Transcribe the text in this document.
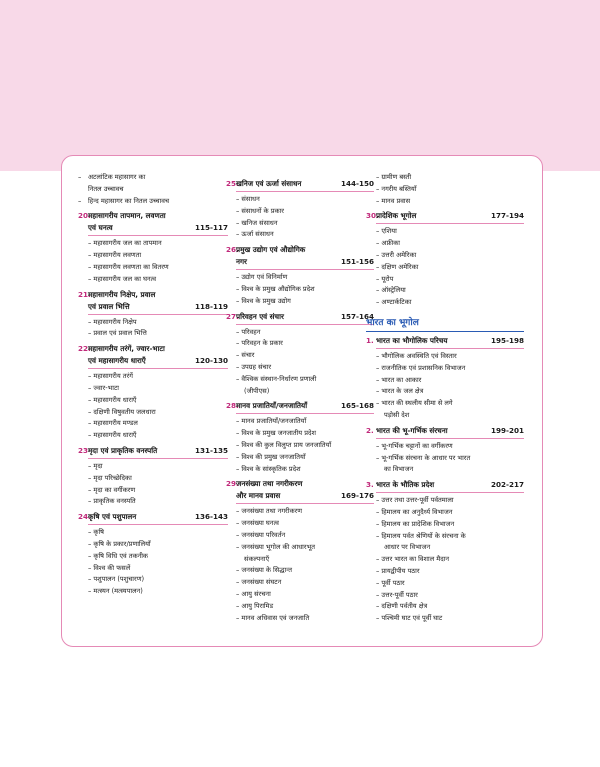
– अटलांटिक महासागर का
नितल उच्चावच
– हिन्द महासागर का नितल उच्चावच
20.महासागरीय तापमान, लवणता
एवं घनत्व	115-117
– महासागरीय जल का तापमान
– महासागरीय लवणता
– महासागरीय लवणता का वितरण
– महासागरीय जल का घनत्व
21.महासागरीय निक्षेप, प्रवाल
एवं प्रवाल भित्ति	118-119
– महासागरीय निक्षेप
– प्रवाल एवं प्रवाल भित्ति
22.महासागरीय तरंगें, ज्वार-भाटा
एवं महासागरीय धाराएँ	120-130
– महासागरीय तरंगें
– ज्वार-भाटा
– महासागरीय धाराएँ
– दक्षिणी विषुवतीय जलधारा
– महासागरीय मण्डल
– महासागरीय धाराएँ
23मृदा एवं प्राकृतिक वनस्पति	131-135
– मृदा
– मृदा परिच्छेदिका
– मृदा का वर्गीकरण
– प्राकृतिक वनस्पति
24.कृषि एवं पशुपालन	136-143
– कृषि
– कृषि के प्रकार/प्रणालियाँ
– कृषि विधि एवं तकनीक
– विश्व की फसलें
– पशुपालन (पशुचारण)
– मत्स्यन (मत्स्यपालन)
25.खनिज एवं ऊर्जा संसाधन	144-150
– संसाधन
– संसाधनों के प्रकार
– खनिज संसाधन
– ऊर्जा संसाधन
26.प्रमुख उद्योग एवं औद्योगिक
नगर	151-156
– उद्योग एवं विनिर्माण
– विश्व के प्रमुख औद्योगिक प्रदेश
– विश्व के प्रमुख उद्योग
27.परिवहन एवं संचार	157-164
– परिवहन
– परिवहन के प्रकार
– संचार
– उपग्रह संचार
– वैश्विक संस्थान-निर्धारण प्रणाली
(जीपीएस)
28.मानव प्रजातियाँ/जनजातियाँ	165-168
– मानव प्रजातियाँ/जनजातियाँ
– विश्व के प्रमुख जनजातीय प्रदेश
– विश्व की कुल विलुप्त प्राय जनजातियाँ
– विश्व की प्रमुख जनजातियाँ
– विश्व के सांस्कृतिक प्रदेश
29.जनसंख्या तथा नगरीकरण
और मानव प्रवास	169-176
– जनसंख्या तथा नगरीकरण
– जनसंख्या घनत्व
– जनसंख्या परिवर्तन
– जनसंख्या भूगोल की आधारभूत
संकल्पनाएँ
– जनसंख्या के सिद्धान्त
– जनसंख्या संघटन
– आयु संरचना
– आयु पिरामिड
– मानव अधिवास एवं जनजाति
– ग्रामीण बस्ती
– नगरीय बस्तियाँ
– मानव प्रवास
30.प्रादेशिक भूगोल	177-194
– एशिया
– अफ्रीका
– उत्तरी अमेरिका
– दक्षिण अमेरिका
– यूरोप
– ऑस्ट्रेलिया
– अण्टार्कटिका
भारत का भूगोल
1. भारत का भौगोलिक परिचय	195-198
– भौगोलिक अवस्थिति एवं विस्तार
– राजनीतिक एवं प्रशासनिक विभाजन
– भारत का आकार
– भारत के जल क्षेत्र
– भारत की स्थलीय सीमा से लगे
पड़ोसी देश
2. भारत की भू-गर्भिक संरचना	199-201
– भू-गर्भिक चट्टानों का वर्गीकरण
– भू-गर्भिक संरचना के आधार पर भारत
का विभाजन
3. भारत के भौतिक प्रदेश	202-217
– उत्तर तथा उत्तर-पूर्वी पर्वतमाला
– हिमालय का अनुदैर्ध्य विभाजन
– हिमालय का प्रादेशिक विभाजन
– हिमालय पर्वत श्रेणियों के संरचना के
आधार पर विभाजन
– उत्तर भारत का विशाल मैदान
– प्रायद्वीपीय पठार
– पूर्वी पठार
– उत्तर-पूर्वी पठार
– दक्षिणी पर्वतीय क्षेत्र
– पश्चिमी घाट एवं पूर्वी घाट
